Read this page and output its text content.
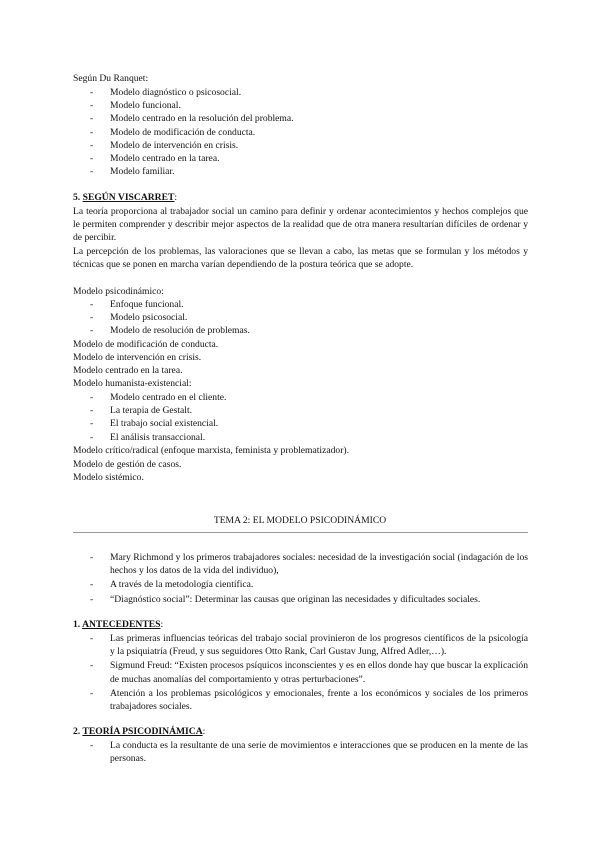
Según Du Ranquet:

- Modelo diagnóstico o psicosocial.
- Modelo funcional.
- Modelo centrado en la resolución del problema.
- Modelo de modificación de conducta.
- Modelo de intervención en crisis.
- Modelo centrado en la tarea.
- Modelo familiar.

5. SEGÚN VISCARRET:

La teoría proporciona al trabajador social un camino para definir y ordenar acontecimientos y hechos complejos que le permiten comprender y describir mejor aspectos de la realidad que de otra manera resultarían difíciles de ordenar y de percibir.

La percepción de los problemas, las valoraciones que se llevan a cabo, las metas que se formulan y los métodos y técnicas que se ponen en marcha varían dependiendo de la postura teórica que se adopte.

Modelo psicodinámico:

- Enfoque funcional.
- Modelo psicosocial.
- Modelo de resolución de problemas.

Modelo de modificación de conducta.

Modelo de intervención en crisis.

Modelo centrado en la tarea.

Modelo humanista-existencial:

- Modelo centrado en el cliente.
- La terapia de Gestalt.
- El trabajo social existencial.
- El análisis transaccional.

Modelo crítico/radical (enfoque marxista, feminista y problematizador).

Modelo de gestión de casos.

Modelo sistémico.

TEMA 2: EL MODELO PSICODINÁMICO

- Mary Richmond y los primeros trabajadores sociales: necesidad de la investigación social (indagación de los hechos y los datos de la vida del individuo),
- A través de la metodología científica.
- “Diagnóstico social”: Determinar las causas que originan las necesidades y dificultades sociales.

1. ANTECEDENTES:

- Las primeras influencias teóricas del trabajo social provinieron de los progresos científicos de la psicología y la psiquiatría (Freud, y sus seguidores Otto Rank, Carl Gustav Jung, Alfred Adler,…).
- Sigmund Freud: “Existen procesos psíquicos inconscientes y es en ellos donde hay que buscar la explicación de muchas anomalías del comportamiento y otras perturbaciones”.
- Atención a los problemas psicológicos y emocionales, frente a los económicos y sociales de los primeros trabajadores sociales.

2. TEORÍA PSICODINÁMICA:

- La conducta es la resultante de una serie de movimientos e interacciones que se producen en la mente de las personas.
